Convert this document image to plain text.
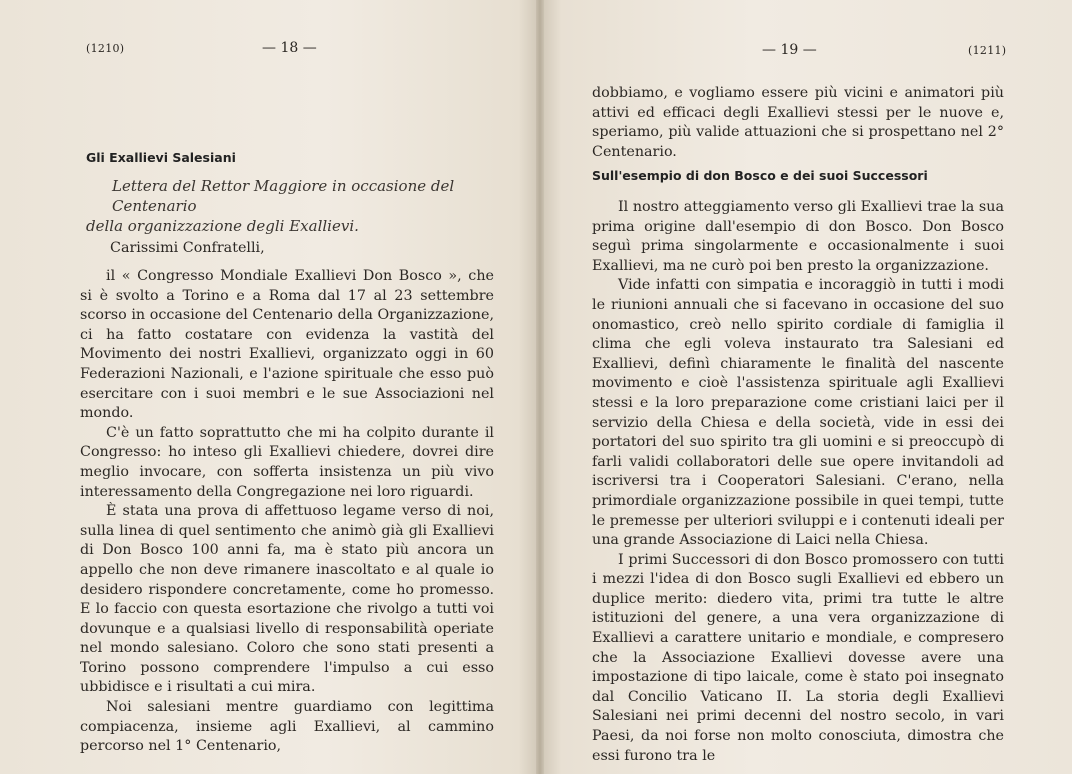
(1210)	— 18 —
Gli Exallievi Salesiani
Lettera del Rettor Maggiore in occasione del Centenario
della organizzazione degli Exallievi.
Carissimi Confratelli,

il « Congresso Mondiale Exallievi Don Bosco », che si è svolto a Torino e a Roma dal 17 al 23 settembre scorso in occasione del Centenario della Organizzazione, ci ha fatto costatare con evidenza la vastità del Movimento dei nostri Exallievi, organizzato oggi in 60 Federazioni Nazionali, e l'azione spirituale che esso può esercitare con i suoi membri e le sue Associazioni nel mondo.

C'è un fatto soprattutto che mi ha colpito durante il Congresso: ho inteso gli Exallievi chiedere, dovrei dire meglio invocare, con sofferta insistenza un più vivo interessamento della Congregazione nei loro riguardi.

È stata una prova di affettuoso legame verso di noi, sulla linea di quel sentimento che animò già gli Exallievi di Don Bosco 100 anni fa, ma è stato più ancora un appello che non deve rimanere inascoltato e al quale io desidero rispondere concretamente, come ho promesso. E lo faccio con questa esortazione che rivolgo a tutti voi dovunque e a qualsiasi livello di responsabilità operiate nel mondo salesiano. Coloro che sono stati presenti a Torino possono comprendere l'impulso a cui esso ubbidisce e i risultati a cui mira.

Noi salesiani mentre guardiamo con legittima compiacenza, insieme agli Exallievi, al cammino percorso nel 1° Centenario,

— 19 —	(1211)

dobbiamo, e vogliamo essere più vicini e animatori più attivi ed efficaci degli Exallievi stessi per le nuove e, speriamo, più valide attuazioni che si prospettano nel 2° Centenario.

Sull'esempio di don Bosco e dei suoi Successori

Il nostro atteggiamento verso gli Exallievi trae la sua prima origine dall'esempio di don Bosco. Don Bosco seguì prima singolarmente e occasionalmente i suoi Exallievi, ma ne curò poi ben presto la organizzazione.

Vide infatti con simpatia e incoraggiò in tutti i modi le riunioni annuali che si facevano in occasione del suo onomastico, creò nello spirito cordiale di famiglia il clima che egli voleva instaurato tra Salesiani ed Exallievi, definì chiaramente le finalità del nascente movimento e cioè l'assistenza spirituale agli Exallievi stessi e la loro preparazione come cristiani laici per il servizio della Chiesa e della società, vide in essi dei portatori del suo spirito tra gli uomini e si preoccupò di farli validi collaboratori delle sue opere invitandoli ad iscriversi tra i Cooperatori Salesiani. C'erano, nella primordiale organizzazione possibile in quei tempi, tutte le premesse per ulteriori sviluppi e i contenuti ideali per una grande Associazione di Laici nella Chiesa.

I primi Successori di don Bosco promossero con tutti i mezzi l'idea di don Bosco sugli Exallievi ed ebbero un duplice merito: diedero vita, primi tra tutte le altre istituzioni del genere, a una vera organizzazione di Exallievi a carattere unitario e mondiale, e compresero che la Associazione Exallievi dovesse avere una impostazione di tipo laicale, come è stato poi insegnato dal Concilio Vaticano II. La storia degli Exallievi Salesiani nei primi decenni del nostro secolo, in vari Paesi, da noi forse non molto conosciuta, dimostra che essi furono tra le
